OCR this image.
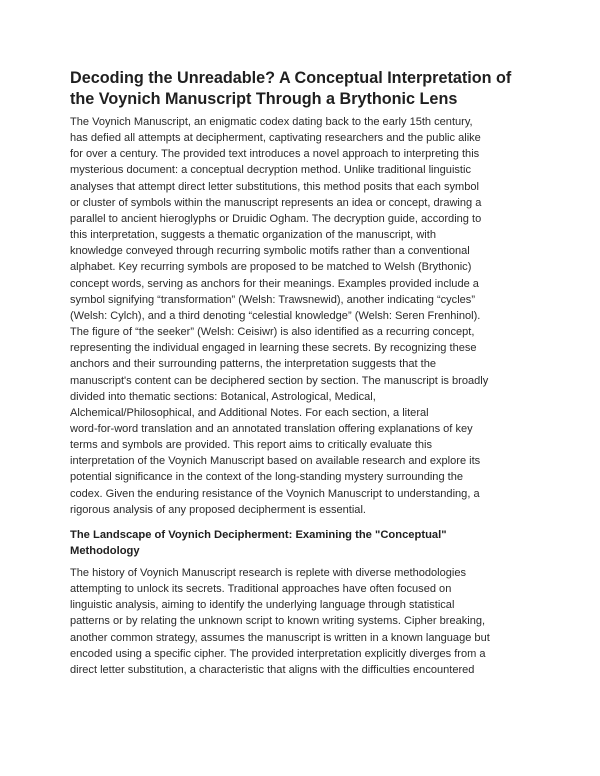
Decoding the Unreadable? A Conceptual Interpretation of
the Voynich Manuscript Through a Brythonic Lens

The Voynich Manuscript, an enigmatic codex dating back to the early 15th century,
has defied all attempts at decipherment, captivating researchers and the public alike
for over a century. The provided text introduces a novel approach to interpreting this
mysterious document: a conceptual decryption method. Unlike traditional linguistic
analyses that attempt direct letter substitutions, this method posits that each symbol
or cluster of symbols within the manuscript represents an idea or concept, drawing a
parallel to ancient hieroglyphs or Druidic Ogham. The decryption guide, according to
this interpretation, suggests a thematic organization of the manuscript, with
knowledge conveyed through recurring symbolic motifs rather than a conventional
alphabet. Key recurring symbols are proposed to be matched to Welsh (Brythonic)
concept words, serving as anchors for their meanings. Examples provided include a
symbol signifying “transformation” (Welsh: Trawsnewid), another indicating “cycles”
(Welsh: Cylch), and a third denoting “celestial knowledge” (Welsh: Seren Frenhinol).
The figure of “the seeker” (Welsh: Ceisiwr) is also identified as a recurring concept,
representing the individual engaged in learning these secrets. By recognizing these
anchors and their surrounding patterns, the interpretation suggests that the
manuscript's content can be deciphered section by section. The manuscript is broadly
divided into thematic sections: Botanical, Astrological, Medical,
Alchemical/Philosophical, and Additional Notes. For each section, a literal
word-for-word translation and an annotated translation offering explanations of key
terms and symbols are provided. This report aims to critically evaluate this
interpretation of the Voynich Manuscript based on available research and explore its
potential significance in the context of the long-standing mystery surrounding the
codex. Given the enduring resistance of the Voynich Manuscript to understanding, a
rigorous analysis of any proposed decipherment is essential.

The Landscape of Voynich Decipherment: Examining the "Conceptual"
Methodology

The history of Voynich Manuscript research is replete with diverse methodologies
attempting to unlock its secrets. Traditional approaches have often focused on
linguistic analysis, aiming to identify the underlying language through statistical
patterns or by relating the unknown script to known writing systems. Cipher breaking,
another common strategy, assumes the manuscript is written in a known language but
encoded using a specific cipher. The provided interpretation explicitly diverges from a
direct letter substitution, a characteristic that aligns with the difficulties encountered
